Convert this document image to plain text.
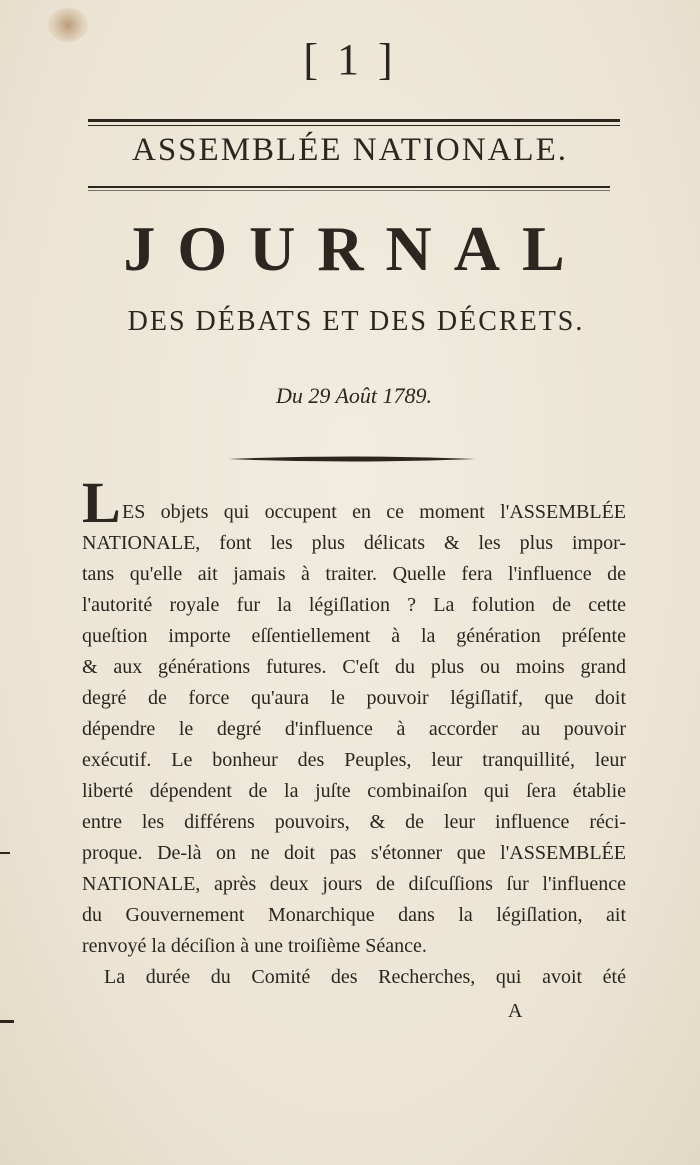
[ 1 ]
ASSEMBLÉE NATIONALE.
JOURNAL
DES DÉBATS ET DES DÉCRETS.
Du 29 Août 1789.
L ES objets qui occupent en ce moment l'ASSEMBLÉE
NATIONALE, font les plus délicats & les plus impor-
tans qu'elle ait jamais à traiter. Quelle fera l'influence de
l'autorité royale fur la légiſlation ? La folution de cette
queſtion importe eſſentiellement à la génération préſente
& aux générations futures. C'eſt du plus ou moins grand
degré de force qu'aura le pouvoir légiſlatif, que doit
dépendre le degré d'influence à accorder au pouvoir
exécutif. Le bonheur des Peuples, leur tranquillité, leur
liberté dépendent de la juſte combinaiſon qui ſera établie
entre les différens pouvoirs, & de leur influence réci-
proque. De-là on ne doit pas s'étonner que l'ASSEMBLÉE
NATIONALE, après deux jours de diſcuſſions ſur l'influence
du Gouvernement Monarchique dans la légiſlation, ait
renvoyé la déciſion à une troiſième Séance.
La durée du Comité des Recherches, qui avoit été
A
